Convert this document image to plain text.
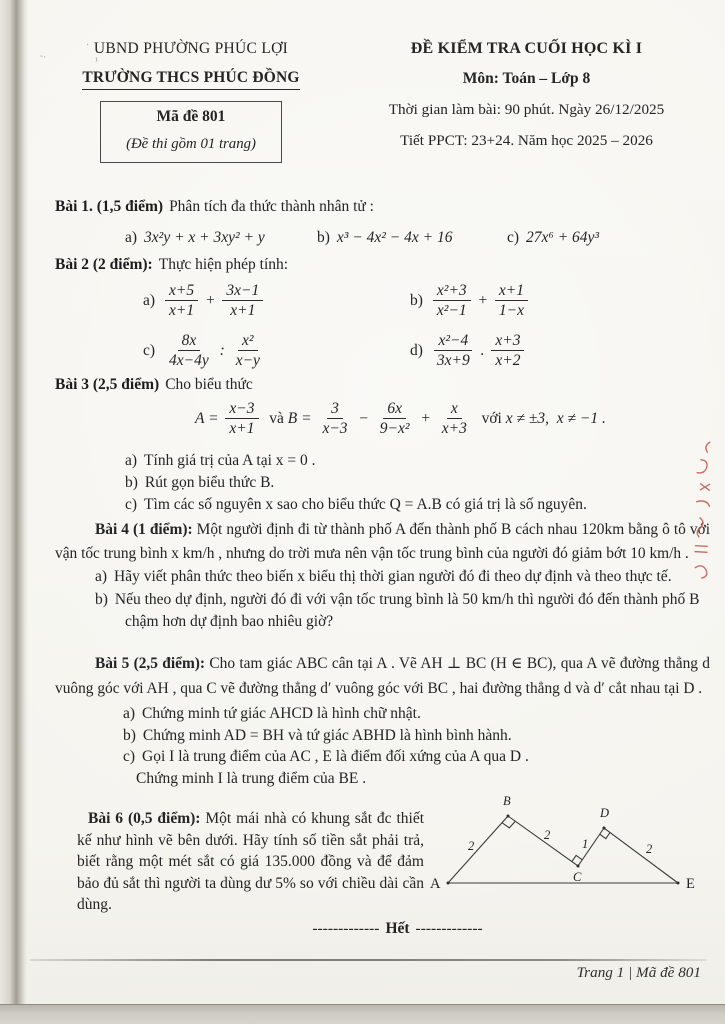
·
¹
ᵕ·
UBND PHƯỜNG PHÚC LỢI
TRƯỜNG THCS PHÚC ĐỒNG
Mã đề 801
(Đề thi gồm 01 trang)
ĐỀ KIỂM TRA CUỐI HỌC KÌ I
Môn: Toán – Lớp 8
Thời gian làm bài: 90 phút. Ngày 26/12/2025
Tiết PPCT: 23+24. Năm học 2025 – 2026

Bài 1. (1,5 điểm) Phân tích đa thức thành nhân tử :

a) 3x²y + x + 3xy² + y	b) x³ − 4x² − 4x + 16	c) 27x⁶ + 64y³

Bài 2 (2 điểm): Thực hiện phép tính:

$a) \frac{x+5}{x+1} + \frac{3x-1}{x+1}$	$b) \frac{\text{x²+3}}{\text{x²−1}} + \frac{x+1}{1-x}$
$c) \frac{8x}{4x-4y}$ : $\frac{\text{x²}}{x-y}$	$d) \frac{\text{x²−4}}{3x+9}$ . $\frac{x+3}{x+2}$

Bài 3 (2,5 điểm) Cho biểu thức

$A = \frac{x-3}{x+1}$
và $B = \frac{3}{x-3} - \frac{6x}{\text{9−x²}} + \frac{x}{x+3}$
với x ≠ ±3,  x ≠ −1 .
a) Tính giá trị của A tại x = 0 .
b) Rút gọn biểu thức B.
c) Tìm các số nguyên x sao cho biểu thức Q = A.B có giá trị là số nguyên.

Bài 4 (1 điểm): Một người định đi từ thành phố A đến thành phố B cách nhau 120km bằng ô tô với vận tốc trung bình x km/h , nhưng do trời mưa nên vận tốc trung bình của người đó giảm bớt 10 km/h .

a) Hãy viết phân thức theo biến x biểu thị thời gian người đó đi theo dự định và theo thực tế.
b) Nếu theo dự định, người đó đi với vận tốc trung bình là 50 km/h thì người đó đến thành phố B chậm hơn dự định bao nhiêu giờ?

Bài 5 (2,5 điểm): Cho tam giác ABC cân tại A . Vẽ AH ⊥ BC (H ∈ BC), qua A vẽ đường thẳng d vuông góc với AH , qua C vẽ đường thẳng d′ vuông góc với BC , hai đường thẳng d và d′ cắt nhau tại D .

a) Chứng minh tứ giác AHCD là hình chữ nhật.
b) Chứng minh AD = BH và tứ giác ABHD là hình bình hành.
c) Gọi I là trung điểm của AC , E là điểm đối xứng của A qua D .
Chứng minh I là trung điểm của BE .

Bài 6 (0,5 điểm): Một mái nhà có khung sắt đc thiết kế như hình vẽ bên dưới. Hãy tính số tiền sắt phải trả, biết rằng một mét sắt có giá 135.000 đồng và để đảm bảo đủ sắt thì người ta dùng dư 5% so với chiều dài cần dùng.

A
B
C
D
E
2
2
1	2
------------- Hết -------------
Trang 1 | Mã đề 801
